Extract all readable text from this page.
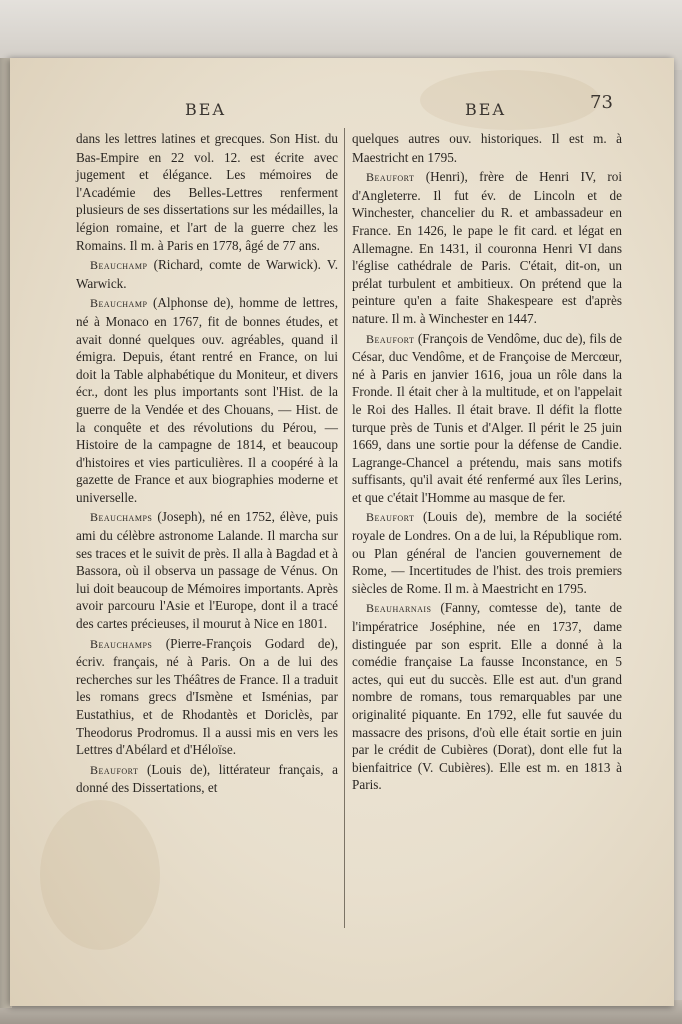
BEA	BEA	73

dans les lettres latines et grecques. Son Hist. du Bas-Empire en 22 vol. 12. est écrite avec jugement et élégance. Les mémoires de l'Académie des Belles-Lettres renferment plusieurs de ses dissertations sur les médailles, la légion romaine, et l'art de la guerre chez les Romains. Il m. à Paris en 1778, âgé de 77 ans.

Beauchamp (Richard, comte de Warwick). V. Warwick.

Beauchamp (Alphonse de), homme de lettres, né à Monaco en 1767, fit de bonnes études, et avait donné quelques ouv. agréables, quand il émigra. Depuis, étant rentré en France, on lui doit la Table alphabétique du Moniteur, et divers écr., dont les plus importants sont l'Hist. de la guerre de la Vendée et des Chouans, — Hist. de la conquête et des révolutions du Pérou, — Histoire de la campagne de 1814, et beaucoup d'histoires et vies particulières. Il a coopéré à la gazette de France et aux biographies moderne et universelle.

Beauchamps (Joseph), né en 1752, élève, puis ami du célèbre astronome Lalande. Il marcha sur ses traces et le suivit de près. Il alla à Bagdad et à Bassora, où il observa un passage de Vénus. On lui doit beaucoup de Mémoires importants. Après avoir parcouru l'Asie et l'Europe, dont il a tracé des cartes précieuses, il mourut à Nice en 1801.

Beauchamps (Pierre-François Godard de), écriv. français, né à Paris. On a de lui des recherches sur les Théâtres de France. Il a traduit les romans grecs d'Ismène et Isménias, par Eustathius, et de Rhodantès et Doriclès, par Theodorus Prodromus. Il a aussi mis en vers les Lettres d'Abélard et d'Héloïse.

Beaufort (Louis de), littérateur français, a donné des Dissertations, et

quelques autres ouv. historiques. Il est m. à Maestricht en 1795.

Beaufort (Henri), frère de Henri IV, roi d'Angleterre. Il fut év. de Lincoln et de Winchester, chancelier du R. et ambassadeur en France. En 1426, le pape le fit card. et légat en Allemagne. En 1431, il couronna Henri VI dans l'église cathédrale de Paris. C'était, dit-on, un prélat turbulent et ambitieux. On prétend que la peinture qu'en a faite Shakespeare est d'après nature. Il m. à Winchester en 1447.

Beaufort (François de Vendôme, duc de), fils de César, duc Vendôme, et de Françoise de Mercœur, né à Paris en janvier 1616, joua un rôle dans la Fronde. Il était cher à la multitude, et on l'appelait le Roi des Halles. Il était brave. Il défit la flotte turque près de Tunis et d'Alger. Il périt le 25 juin 1669, dans une sortie pour la défense de Candie. Lagrange-Chancel a prétendu, mais sans motifs suffisants, qu'il avait été renfermé aux îles Lerins, et que c'était l'Homme au masque de fer.

Beaufort (Louis de), membre de la société royale de Londres. On a de lui, la République rom. ou Plan général de l'ancien gouvernement de Rome, — Incertitudes de l'hist. des trois premiers siècles de Rome. Il m. à Maestricht en 1795.

Beauharnais (Fanny, comtesse de), tante de l'impératrice Joséphine, née en 1737, dame distinguée par son esprit. Elle a donné à la comédie française La fausse Inconstance, en 5 actes, qui eut du succès. Elle est aut. d'un grand nombre de romans, tous remarquables par une originalité piquante. En 1792, elle fut sauvée du massacre des prisons, d'où elle était sortie en juin par le crédit de Cubières (Dorat), dont elle fut la bienfaitrice (V. Cubières). Elle est m. en 1813 à Paris.
